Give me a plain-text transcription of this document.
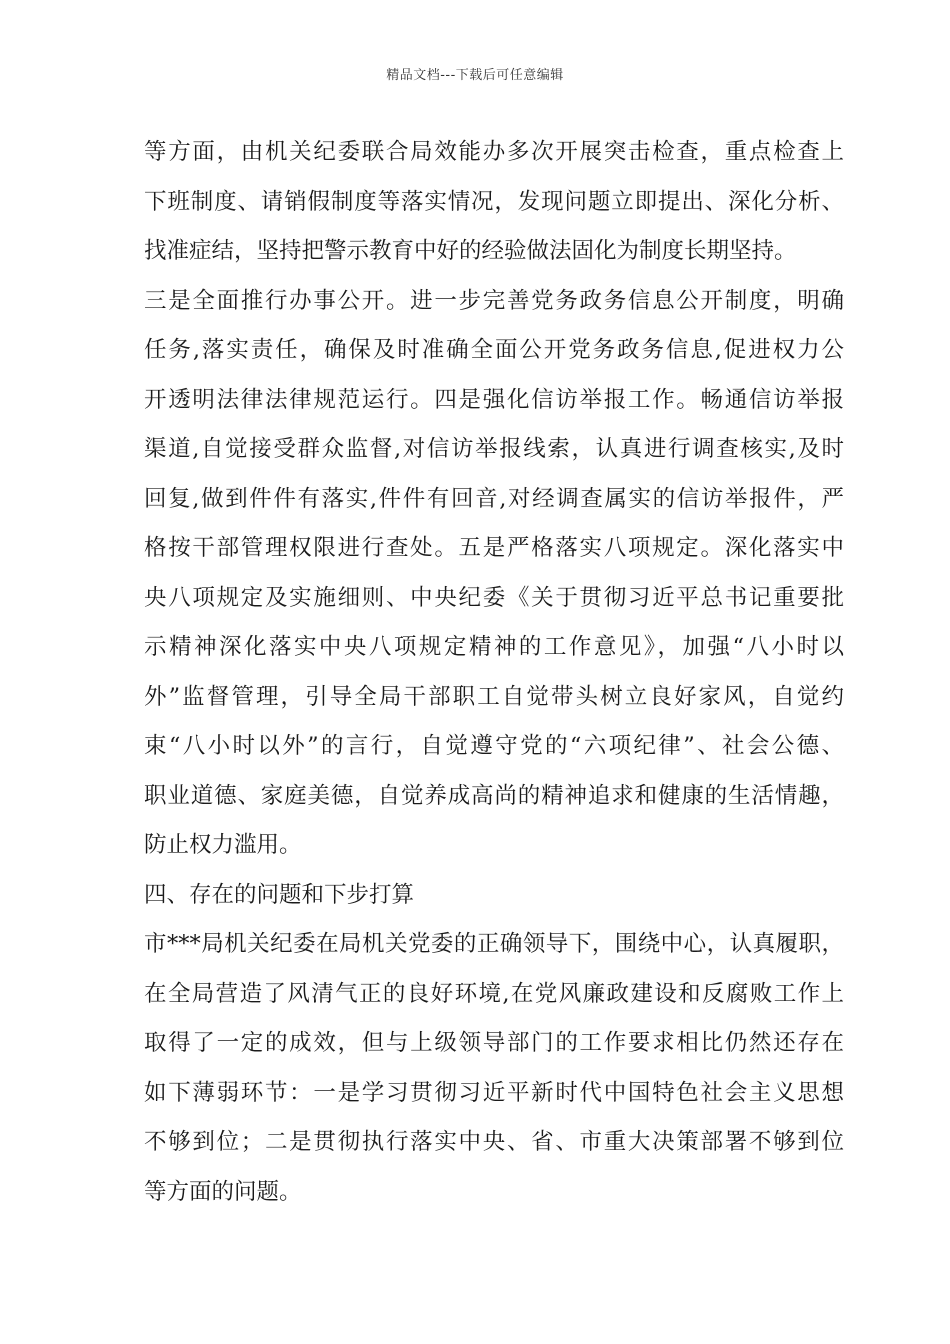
精品文档---下载后可任意编辑
等方面，由机关纪委联合局效能办多次开展突击检查，重点检查上
下班制度、请销假制度等落实情况，发现问题立即提出、深化分析、
找准症结，坚持把警示教育中好的经验做法固化为制度长期坚持。
三是全面推行办事公开。进一步完善党务政务信息公开制度，明确
任务,落实责任，确保及时准确全面公开党务政务信息,促进权力公
开透明法律法律规范运行。四是强化信访举报工作。畅通信访举报
渠道,自觉接受群众监督,对信访举报线索，认真进行调查核实,及时
回复,做到件件有落实,件件有回音,对经调查属实的信访举报件，严
格按干部管理权限进行查处。五是严格落实八项规定。深化落实中
央八项规定及实施细则、中央纪委《关于贯彻习近平总书记重要批
示精神深化落实中央八项规定精神的工作意见》，加强“八小时以
外”监督管理，引导全局干部职工自觉带头树立良好家风，自觉约
束“八小时以外”的言行，自觉遵守党的“六项纪律”、社会公德、
职业道德、家庭美德，自觉养成高尚的精神追求和健康的生活情趣，
防止权力滥用。
四、存在的问题和下步打算
市***局机关纪委在局机关党委的正确领导下，围绕中心，认真履职，
在全局营造了风清气正的良好环境,在党风廉政建设和反腐败工作上
取得了一定的成效，但与上级领导部门的工作要求相比仍然还存在
如下薄弱环节：一是学习贯彻习近平新时代中国特色社会主义思想
不够到位；二是贯彻执行落实中央、省、市重大决策部署不够到位
等方面的问题。
